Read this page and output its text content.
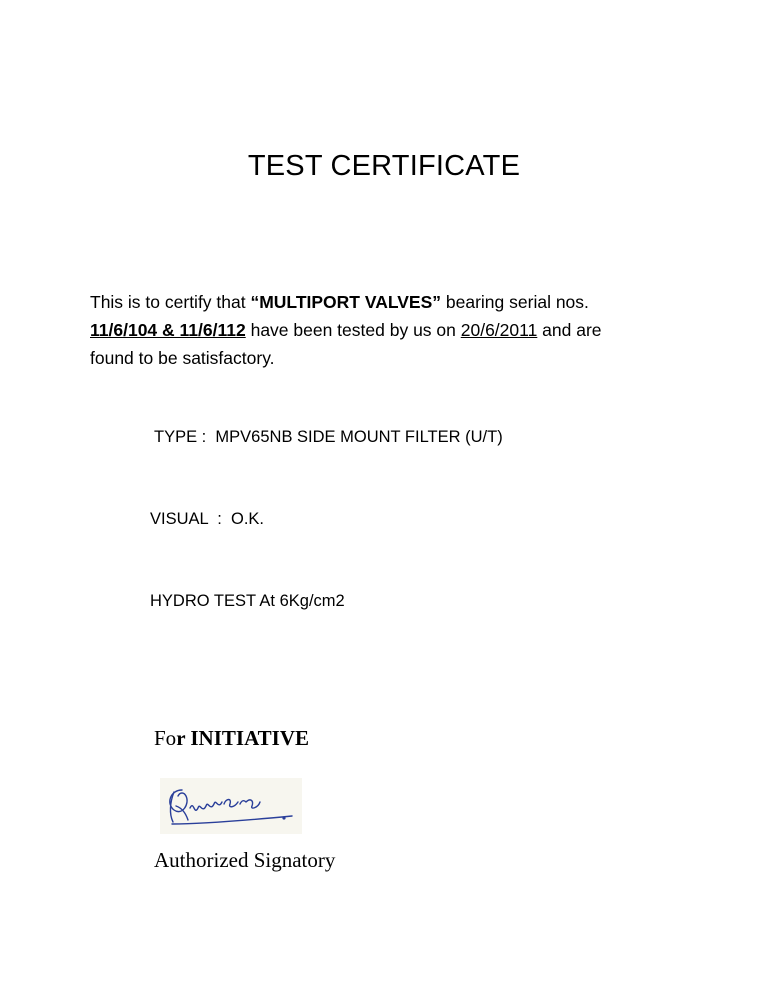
TEST CERTIFICATE
This is to certify that “MULTIPORT VALVES” bearing serial nos.
11/6/104 & 11/6/112 have been tested by us on 20/6/2011 and are
found to be satisfactory.
TYPE :  MPV65NB SIDE MOUNT FILTER (U/T)
VISUAL  :  O.K.
HYDRO TEST At 6Kg/cm2
For INITIATIVE
Authorized Signatory
